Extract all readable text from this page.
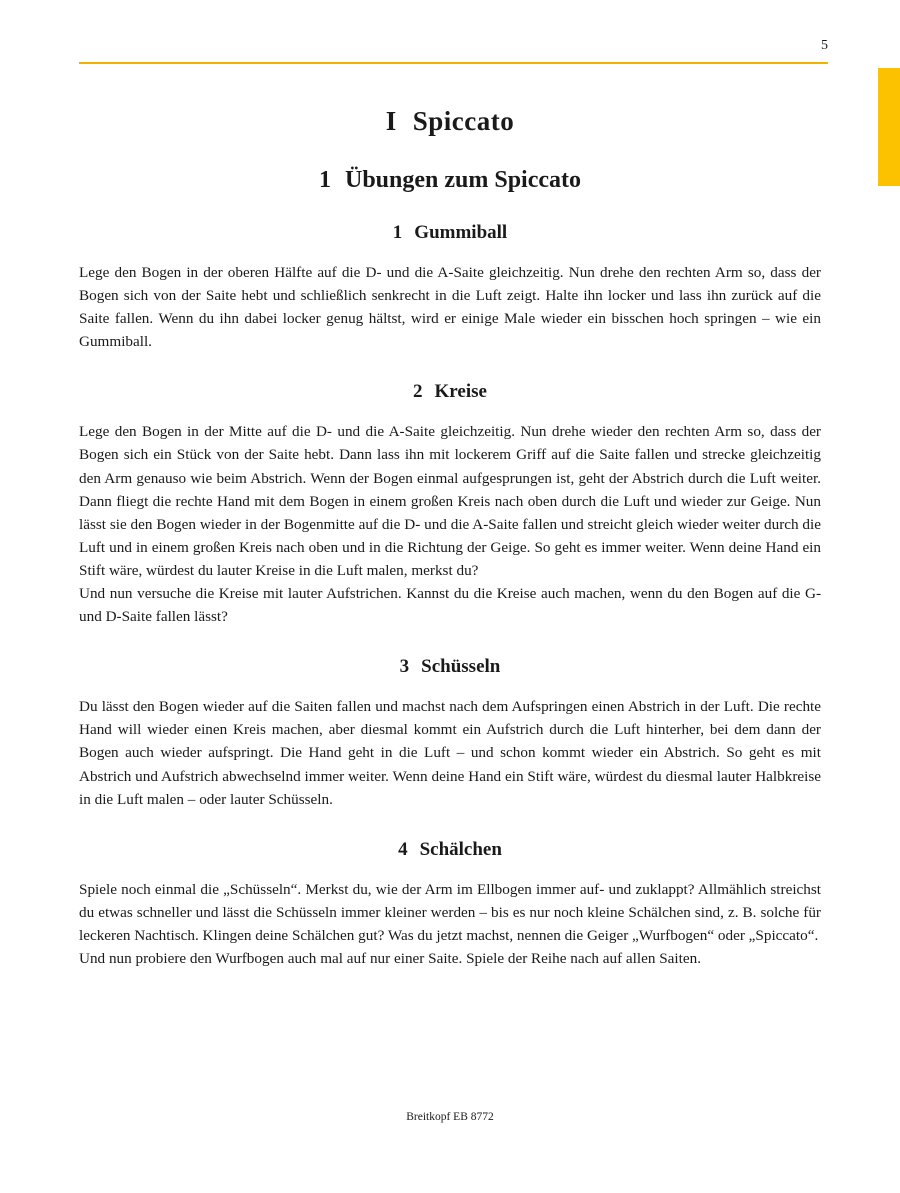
5
I Spiccato
1 Übungen zum Spiccato
1 Gummiball

Lege den Bogen in der oberen Hälfte auf die D- und die A-Saite gleichzeitig. Nun drehe den rechten Arm so, dass der Bogen sich von der Saite hebt und schließlich senkrecht in die Luft zeigt. Halte ihn locker und lass ihn zurück auf die Saite fallen. Wenn du ihn dabei locker genug hältst, wird er einige Male wieder ein bisschen hoch springen – wie ein Gummiball.

2 Kreise

Lege den Bogen in der Mitte auf die D- und die A-Saite gleichzeitig. Nun drehe wieder den rechten Arm so, dass der Bogen sich ein Stück von der Saite hebt. Dann lass ihn mit lockerem Griff auf die Saite fallen und strecke gleichzeitig den Arm genauso wie beim Abstrich. Wenn der Bogen einmal aufgesprungen ist, geht der Abstrich durch die Luft weiter. Dann fliegt die rechte Hand mit dem Bogen in einem großen Kreis nach oben durch die Luft und wieder zur Geige. Nun lässt sie den Bogen wieder in der Bogenmitte auf die D- und die A-Saite fallen und streicht gleich wieder weiter durch die Luft und in einem großen Kreis nach oben und in die Richtung der Geige. So geht es immer weiter. Wenn deine Hand ein Stift wäre, würdest du lauter Kreise in die Luft malen, merkst du?

Und nun versuche die Kreise mit lauter Aufstrichen. Kannst du die Kreise auch machen, wenn du den Bogen auf die G- und D-Saite fallen lässt?

3 Schüsseln

Du lässt den Bogen wieder auf die Saiten fallen und machst nach dem Aufspringen einen Abstrich in der Luft. Die rechte Hand will wieder einen Kreis machen, aber diesmal kommt ein Aufstrich durch die Luft hinterher, bei dem dann der Bogen auch wieder aufspringt. Die Hand geht in die Luft – und schon kommt wieder ein Abstrich. So geht es mit Abstrich und Aufstrich abwechselnd immer weiter. Wenn deine Hand ein Stift wäre, würdest du diesmal lauter Halbkreise in die Luft malen – oder lauter Schüsseln.

4 Schälchen

Spiele noch einmal die „Schüsseln“. Merkst du, wie der Arm im Ellbogen immer auf- und zuklappt? Allmählich streichst du etwas schneller und lässt die Schüsseln immer kleiner werden – bis es nur noch kleine Schälchen sind, z. B. solche für leckeren Nachtisch. Klingen deine Schälchen gut? Was du jetzt machst, nennen die Geiger „Wurfbogen“ oder „Spiccato“.

Und nun probiere den Wurfbogen auch mal auf nur einer Saite. Spiele der Reihe nach auf allen Saiten.

Breitkopf EB 8772
